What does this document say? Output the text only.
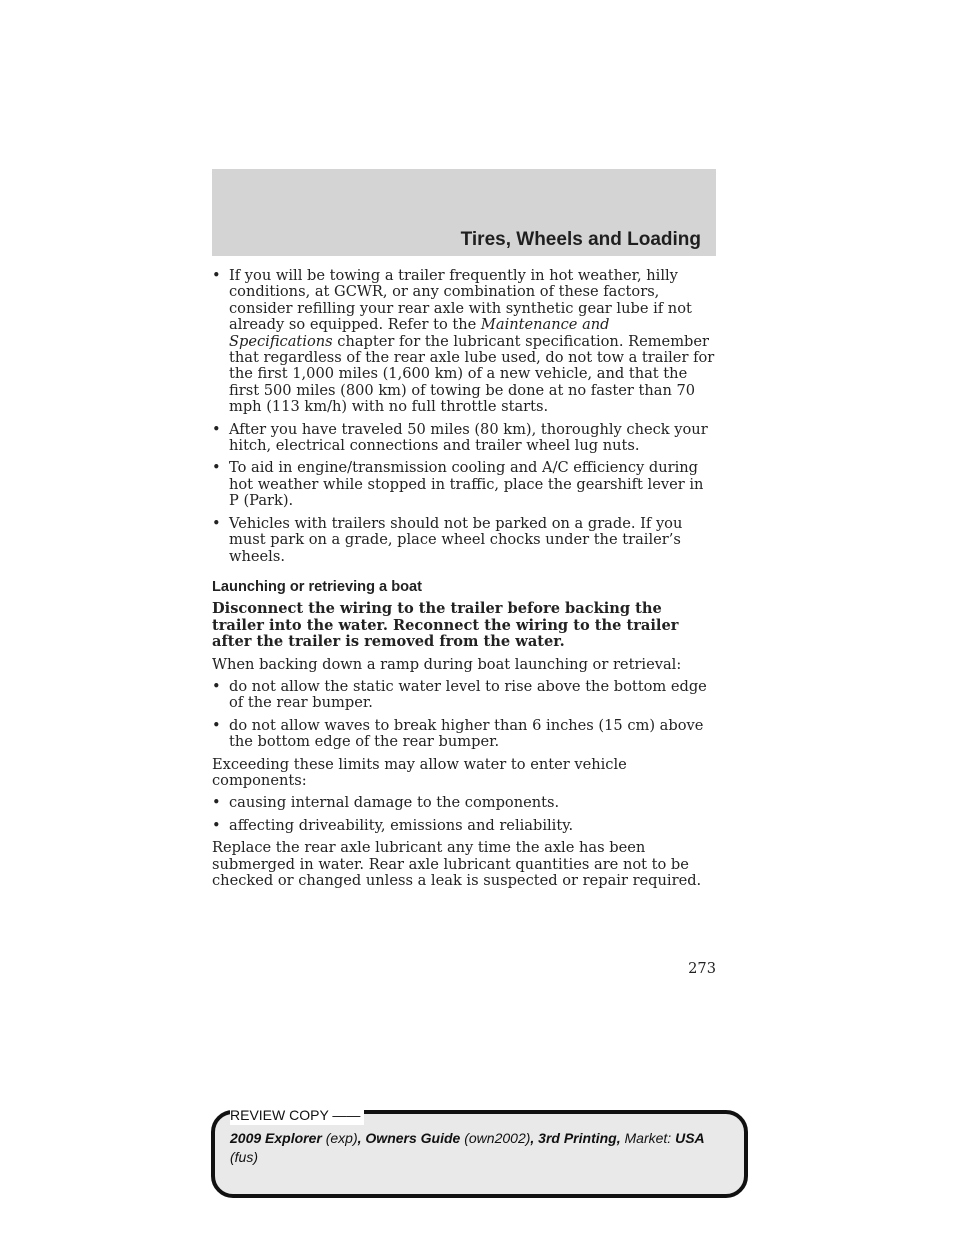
Tires, Wheels and Loading
• If you will be towing a trailer frequently in hot weather, hilly conditions, at GCWR, or any combination of these factors, consider refilling your rear axle with synthetic gear lube if not already so equipped. Refer to the Maintenance and Specifications chapter for the lubricant specification. Remember that regardless of the rear axle lube used, do not tow a trailer for the first 1,000 miles (1,600 km) of a new vehicle, and that the first 500 miles (800 km) of towing be done at no faster than 70 mph (113 km/h) with no full throttle starts.
• After you have traveled 50 miles (80 km), thoroughly check your hitch, electrical connections and trailer wheel lug nuts.
• To aid in engine/transmission cooling and A/C efficiency during hot weather while stopped in traffic, place the gearshift lever in P (Park).
• Vehicles with trailers should not be parked on a grade. If you must park on a grade, place wheel chocks under the trailer’s wheels.
Launching or retrieving a boat
Disconnect the wiring to the trailer before backing the trailer into the water. Reconnect the wiring to the trailer after the trailer is removed from the water.

When backing down a ramp during boat launching or retrieval:

• do not allow the static water level to rise above the bottom edge of the rear bumper.
• do not allow waves to break higher than 6 inches (15 cm) above the bottom edge of the rear bumper.

Exceeding these limits may allow water to enter vehicle components:

• causing internal damage to the components.
• affecting driveability, emissions and reliability.

Replace the rear axle lubricant any time the axle has been submerged in water. Rear axle lubricant quantities are not to be checked or changed unless a leak is suspected or repair required.

273
REVIEW COPY ——
2009 Explorer (exp), Owners Guide (own2002), 3rd Printing, Market: USA
(fus)
